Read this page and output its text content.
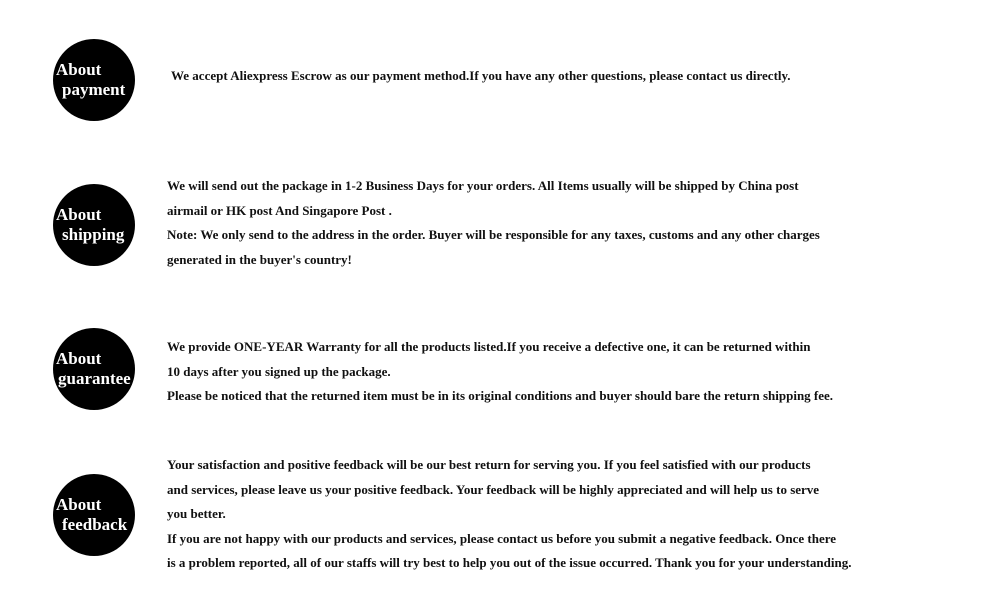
About
payment

We accept Aliexpress Escrow as our payment method.If you have any other questions, please contact us directly.

About
shipping

We will send out the package in 1-2 Business Days for your orders. All Items usually will be shipped by China post

airmail or HK post And Singapore Post .

Note: We only send to the address in the order. Buyer will be responsible for any taxes, customs and any other charges

generated in the buyer's country!

About
guarantee

We provide ONE-YEAR Warranty for all the products listed.If you receive a defective one, it can be returned within

10 days after you signed up the package.

Please be noticed that the returned item must be in its original conditions and buyer should bare the return shipping fee.

About
feedback

Your satisfaction and positive feedback will be our best return for serving you. If you feel satisfied with our products

and services, please leave us your positive feedback. Your feedback will be highly appreciated and will help us to serve

you better.

If you are not happy with our products and services, please contact us before you submit a negative feedback. Once there

is a problem reported, all of our staffs will try best to help you out of the issue occurred. Thank you for your understanding.
